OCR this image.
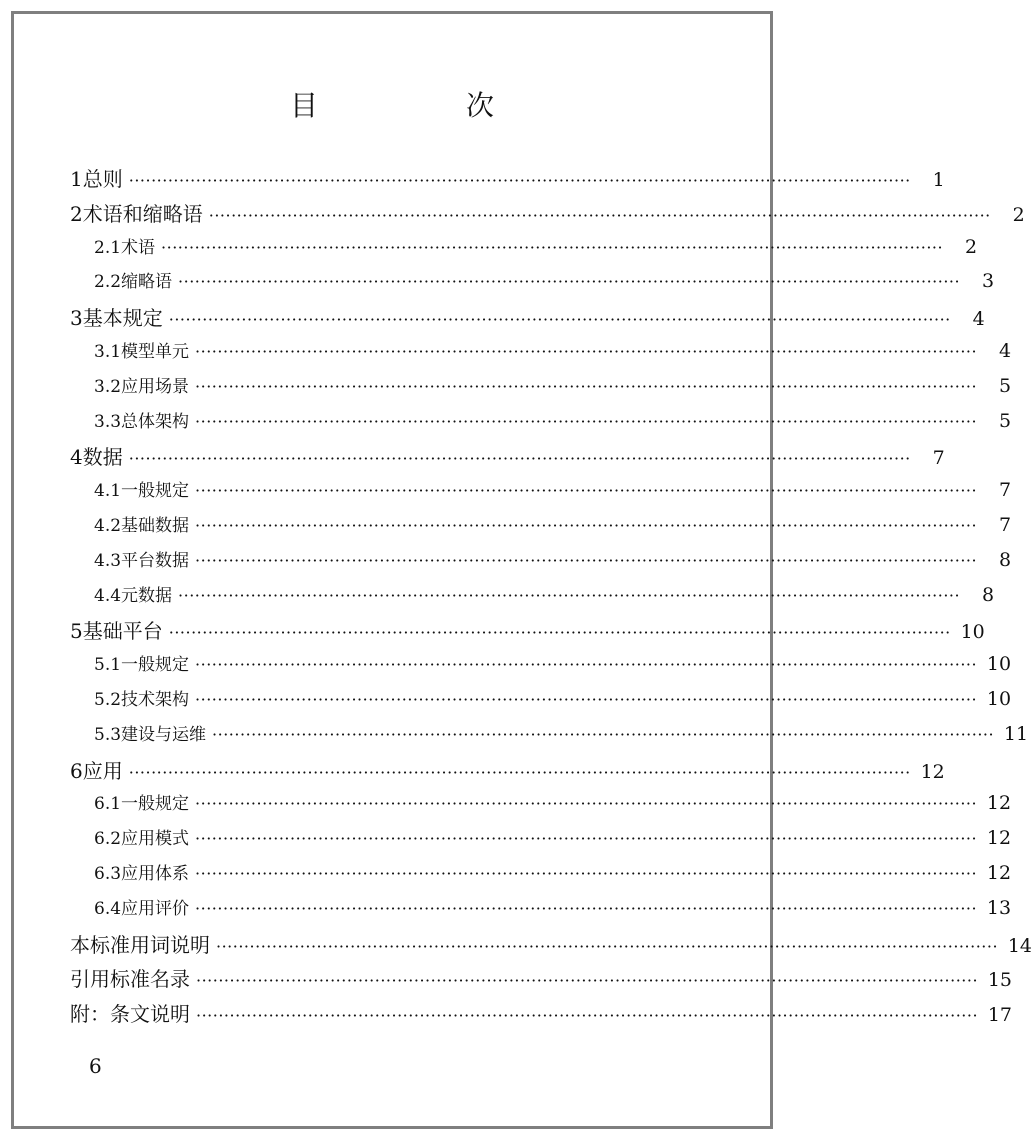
目　次
1 总则 ············································································································································	1
2 术语和缩略语 ············································································································································	2
2.1 术语 ············································································································································	2
2.2 缩略语 ············································································································································	3
3 基本规定 ············································································································································	4
3.1 模型单元 ············································································································································	4
3.2 应用场景 ············································································································································	5
3.3 总体架构 ············································································································································	5
4 数据 ············································································································································	7
4.1 一般规定 ············································································································································	7
4.2 基础数据 ············································································································································	7
4.3 平台数据 ············································································································································	8
4.4 元数据 ············································································································································	8
5 基础平台 ············································································································································ 10
5.1 一般规定 ············································································································································ 10
5.2 技术架构 ············································································································································ 10
5.3 建设与运维 ············································································································································ 11
6 应用 ············································································································································ 12
6.1 一般规定 ············································································································································ 12
6.2 应用模式 ············································································································································ 12
6.3 应用体系 ············································································································································ 12
6.4 应用评价 ············································································································································ 13
本标准用词说明 ············································································································································ 14
引用标准名录 ············································································································································ 15
附：条文说明 ············································································································································ 17
6
